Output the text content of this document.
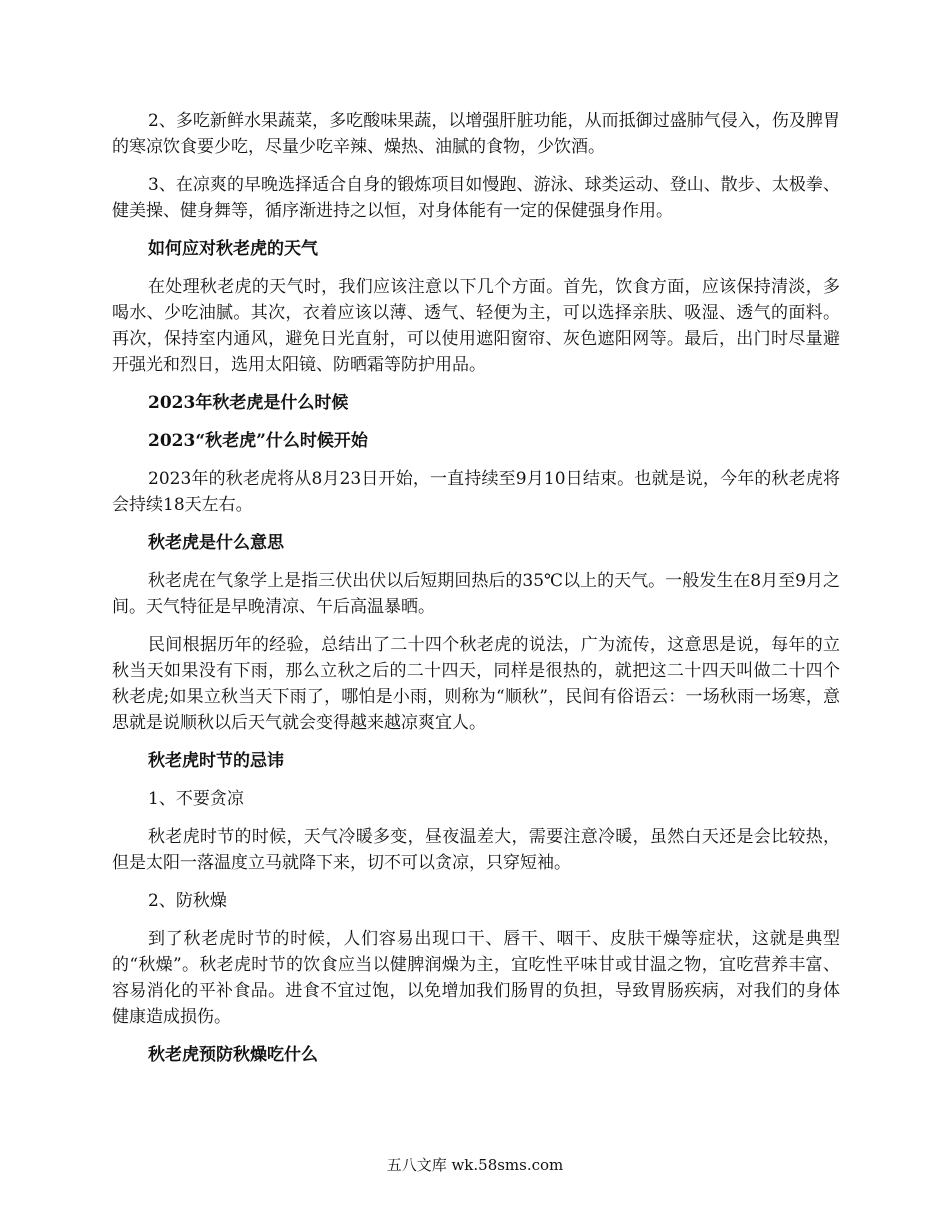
2、多吃新鲜水果蔬菜，多吃酸味果蔬，以增强肝脏功能，从而抵御过盛肺气侵入，伤及脾胃的寒凉饮食要少吃，尽量少吃辛辣、燥热、油腻的食物，少饮酒。

3、在凉爽的早晚选择适合自身的锻炼项目如慢跑、游泳、球类运动、登山、散步、太极拳、健美操、健身舞等，循序渐进持之以恒，对身体能有一定的保健强身作用。

如何应对秋老虎的天气

在处理秋老虎的天气时，我们应该注意以下几个方面。首先，饮食方面，应该保持清淡，多喝水、少吃油腻。其次，衣着应该以薄、透气、轻便为主，可以选择亲肤、吸湿、透气的面料。再次，保持室内通风，避免日光直射，可以使用遮阳窗帘、灰色遮阳网等。最后，出门时尽量避开强光和烈日，选用太阳镜、防晒霜等防护用品。

2023年秋老虎是什么时候

2023“秋老虎”什么时候开始

2023年的秋老虎将从8月23日开始，一直持续至9月10日结束。也就是说，今年的秋老虎将会持续18天左右。

秋老虎是什么意思

秋老虎在气象学上是指三伏出伏以后短期回热后的35℃以上的天气。一般发生在8月至9月之间。天气特征是早晚清凉、午后高温暴晒。

民间根据历年的经验，总结出了二十四个秋老虎的说法，广为流传，这意思是说，每年的立秋当天如果没有下雨，那么立秋之后的二十四天，同样是很热的，就把这二十四天叫做二十四个秋老虎;如果立秋当天下雨了，哪怕是小雨，则称为“顺秋”，民间有俗语云：一场秋雨一场寒，意思就是说顺秋以后天气就会变得越来越凉爽宜人。

秋老虎时节的忌讳

1、不要贪凉

秋老虎时节的时候，天气冷暖多变，昼夜温差大，需要注意冷暖，虽然白天还是会比较热，但是太阳一落温度立马就降下来，切不可以贪凉，只穿短袖。

2、防秋燥

到了秋老虎时节的时候，人们容易出现口干、唇干、咽干、皮肤干燥等症状，这就是典型的“秋燥”。秋老虎时节的饮食应当以健脾润燥为主，宜吃性平味甘或甘温之物，宜吃营养丰富、容易消化的平补食品。进食不宜过饱，以免增加我们肠胃的负担，导致胃肠疾病，对我们的身体健康造成损伤。

秋老虎预防秋燥吃什么

五八文库 wk.58sms.com
